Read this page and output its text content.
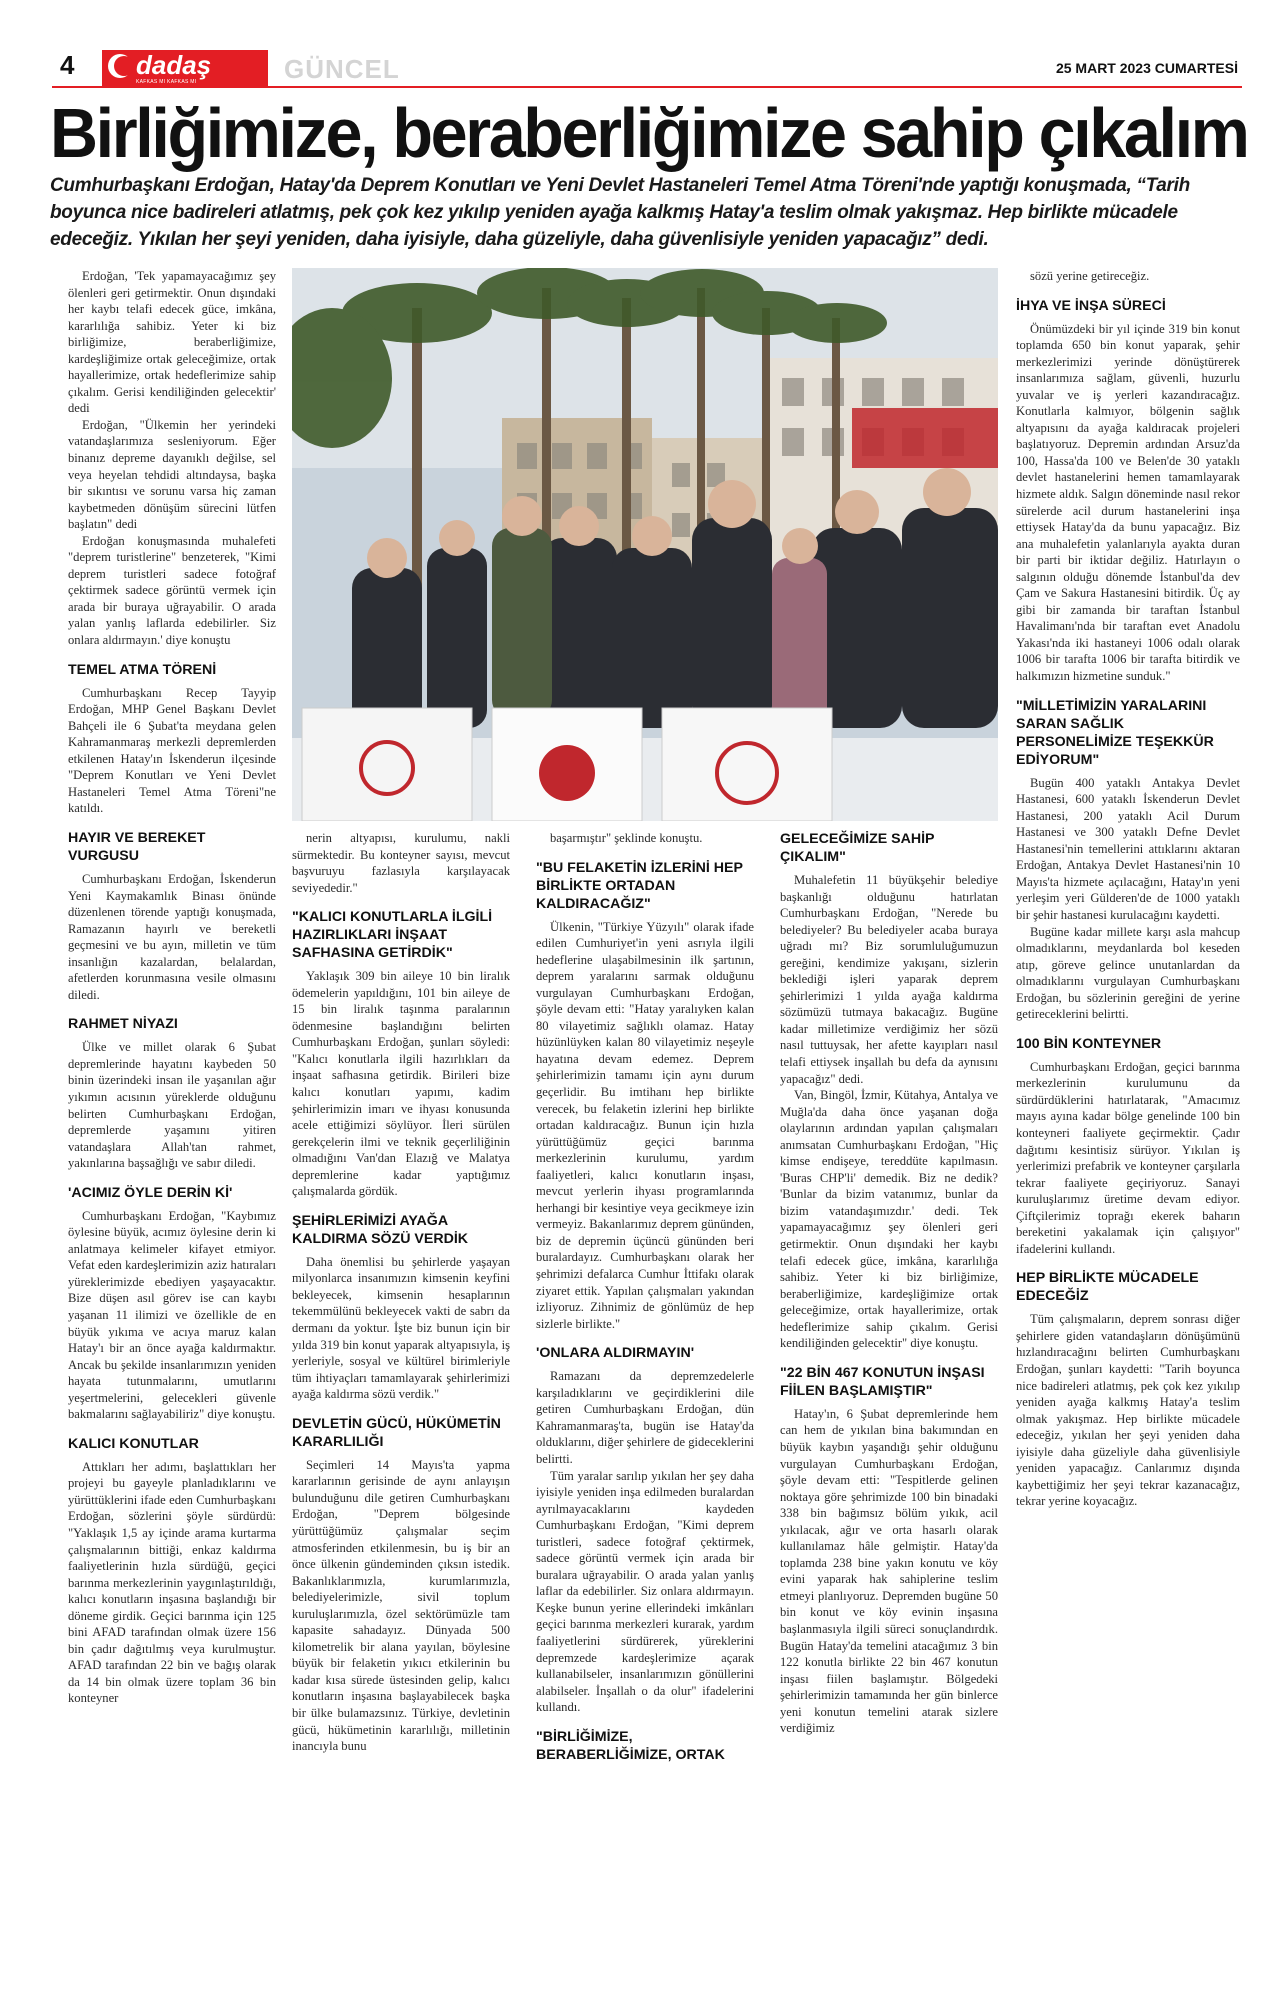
4	dadaş
KAFKAS MI KAFKAS MI	GÜNCEL	25 MART 2023 CUMARTESİ
Birliğimize, beraberliğimize sahip çıkalım

Cumhurbaşkanı Erdoğan, Hatay'da Deprem Konutları ve Yeni Devlet Hastaneleri Temel Atma Töreni'nde yaptığı konuşmada, “Tarih boyunca nice badireleri atlatmış, pek çok kez yıkılıp yeniden ayağa kalkmış Hatay'a teslim olmak yakışmaz. Hep birlikte mücadele edeceğiz. Yıkılan her şeyi yeniden, daha iyisiyle, daha güzeliyle, daha güvenlisiyle yeniden yapacağız” dedi.

Erdoğan, 'Tek yapamayacağımız şey ölenleri geri getirmektir. Onun dışındaki her kaybı telafi edecek güce, imkâna, kararlılığa sahibiz. Yeter ki biz birliğimize, beraberliğimize, kardeşliğimize ortak geleceğimize, ortak hayallerimize, ortak hedeflerimize sahip çıkalım. Gerisi kendiliğinden gelecektir' dedi

Erdoğan, "Ülkemin her yerindeki vatandaşlarımıza sesleniyorum. Eğer binanız depreme dayanıklı değilse, sel veya heyelan tehdidi altındaysa, başka bir sıkıntısı ve sorunu varsa hiç zaman kaybetmeden dönüşüm sürecini lütfen başlatın" dedi

Erdoğan konuşmasında muhalefeti "deprem turistlerine" benzeterek, "Kimi deprem turistleri sadece fotoğraf çektirmek sadece görüntü vermek için arada bir buraya uğrayabilir. O arada yalan yanlış laflarda edebilirler. Siz onlara aldırmayın.' diye konuştu

TEMEL ATMA TÖRENİ

Cumhurbaşkanı Recep Tayyip Erdoğan, MHP Genel Başkanı Devlet Bahçeli ile 6 Şubat'ta meydana gelen Kahramanmaraş merkezli depremlerden etkilenen Hatay'ın İskenderun ilçesinde "Deprem Konutları ve Yeni Devlet Hastaneleri Temel Atma Töreni"ne katıldı.

HAYIR VE BEREKET VURGUSU

Cumhurbaşkanı Erdoğan, İskenderun Yeni Kaymakamlık Binası önünde düzenlenen törende yaptığı konuşmada, Ramazanın hayırlı ve bereketli geçmesini ve bu ayın, milletin ve tüm insanlığın kazalardan, belalardan, afetlerden korunmasına vesile olmasını diledi.

RAHMET NİYAZI

Ülke ve millet olarak 6 Şubat depremlerinde hayatını kaybeden 50 binin üzerindeki insan ile yaşanılan ağır yıkımın acısının yüreklerde olduğunu belirten Cumhurbaşkanı Erdoğan, depremlerde yaşamını yitiren vatandaşlara Allah'tan rahmet, yakınlarına başsağlığı ve sabır diledi.

'ACIMIZ ÖYLE DERİN Kİ'

Cumhurbaşkanı Erdoğan, "Kaybımız öylesine büyük, acımız öylesine derin ki anlatmaya kelimeler kifayet etmiyor. Vefat eden kardeşlerimizin aziz hatıraları yüreklerimizde ebediyen yaşayacaktır. Bize düşen asıl görev ise can kaybı yaşanan 11 ilimizi ve özellikle de en büyük yıkıma ve acıya maruz kalan Hatay'ı bir an önce ayağa kaldırmaktır. Ancak bu şekilde insanlarımızın yeniden hayata tutunmalarını, umutlarını yeşertmelerini, gelecekleri güvenle bakmalarını sağlayabiliriz" diye konuştu.

KALICI KONUTLAR

Attıkları her adımı, başlattıkları her projeyi bu gayeyle planladıklarını ve yürüttüklerini ifade eden Cumhurbaşkanı Erdoğan, sözlerini şöyle sürdürdü: "Yaklaşık 1,5 ay içinde arama kurtarma çalışmalarının bittiği, enkaz kaldırma faaliyetlerinin hızla sürdüğü, geçici barınma merkezlerinin yaygınlaştırıldığı, kalıcı konutların inşasına başlandığı bir döneme girdik. Geçici barınma için 125 bini AFAD tarafından olmak üzere 156 bin çadır dağıtılmış veya kurulmuştur. AFAD tarafından 22 bin ve bağış olarak da 14 bin olmak üzere toplam 36 bin konteyner

nerin altyapısı, kurulumu, nakli sürmektedir. Bu konteyner sayısı, mevcut başvuruyu fazlasıyla karşılayacak seviyededir."

"KALICI KONUTLARLA İLGİLİ HAZIRLIKLARI İNŞAAT SAFHASINA GETİRDİK"

Yaklaşık 309 bin aileye 10 bin liralık ödemelerin yapıldığını, 101 bin aileye de 15 bin liralık taşınma paralarının ödenmesine başlandığını belirten Cumhurbaşkanı Erdoğan, şunları söyledi: "Kalıcı konutlarla ilgili hazırlıkları da inşaat safhasına getirdik. Birileri bize kalıcı konutları yapımı, kadim şehirlerimizin imarı ve ihyası konusunda acele ettiğimizi söylüyor. İleri sürülen gerekçelerin ilmi ve teknik geçerliliğinin olmadığını Van'dan Elazığ ve Malatya depremlerine kadar yaptığımız çalışmalarda gördük.

ŞEHİRLERİMİZİ AYAĞA KALDIRMA SÖZÜ VERDİK

Daha önemlisi bu şehirlerde yaşayan milyonlarca insanımızın kimsenin keyfini bekleyecek, kimsenin hesaplarının tekemmülünü bekleyecek vakti de sabrı da dermanı da yoktur. İşte biz bunun için bir yılda 319 bin konut yaparak altyapısıyla, iş yerleriyle, sosyal ve kültürel birimleriyle tüm ihtiyaçları tamamlayarak şehirlerimizi ayağa kaldırma sözü verdik."

DEVLETİN GÜCÜ, HÜKÜMETİN KARARLILIĞI

Seçimleri 14 Mayıs'ta yapma kararlarının gerisinde de aynı anlayışın bulunduğunu dile getiren Cumhurbaşkanı Erdoğan, "Deprem bölgesinde yürüttüğümüz çalışmalar seçim atmosferinden etkilenmesin, bu iş bir an önce ülkenin gündeminden çıksın istedik. Bakanlıklarımızla, kurumlarımızla, belediyelerimizle, sivil toplum kuruluşlarımızla, özel sektörümüzle tam kapasite sahadayız. Dünyada 500 kilometrelik bir alana yayılan, böylesine büyük bir felaketin yıkıcı etkilerinin bu kadar kısa sürede üstesinden gelip, kalıcı konutların inşasına başlayabilecek başka bir ülke bulamazsınız. Türkiye, devletinin gücü, hükümetinin kararlılığı, milletinin inancıyla bunu

başarmıştır" şeklinde konuştu.

"BU FELAKETİN İZLERİNİ HEP BİRLİKTE ORTADAN KALDIRACAĞIZ"

Ülkenin, "Türkiye Yüzyılı" olarak ifade edilen Cumhuriyet'in yeni asrıyla ilgili hedeflerine ulaşabilmesinin ilk şartının, deprem yaralarını sarmak olduğunu vurgulayan Cumhurbaşkanı Erdoğan, şöyle devam etti: "Hatay yaralıyken kalan 80 vilayetimiz sağlıklı olamaz. Hatay hüzünlüyken kalan 80 vilayetimiz neşeyle hayatına devam edemez. Deprem şehirlerimizin tamamı için aynı durum geçerlidir. Bu imtihanı hep birlikte verecek, bu felaketin izlerini hep birlikte ortadan kaldıracağız. Bunun için hızla yürüttüğümüz geçici barınma merkezlerinin kurulumu, yardım faaliyetleri, kalıcı konutların inşası, mevcut yerlerin ihyası programlarında herhangi bir kesintiye veya gecikmeye izin vermeyiz. Bakanlarımız deprem gününden, biz de depremin üçüncü gününden beri buralardayız. Cumhurbaşkanı olarak her şehrimizi defalarca Cumhur İttifakı olarak ziyaret ettik. Yapılan çalışmaları yakından izliyoruz. Zihnimiz de gönlümüz de hep sizlerle birlikte."

'ONLARA ALDIRMAYIN'

Ramazanı da depremzedelerle karşıladıklarını ve geçirdiklerini dile getiren Cumhurbaşkanı Erdoğan, dün Kahramanmaraş'ta, bugün ise Hatay'da olduklarını, diğer şehirlere de gideceklerini belirtti.

Tüm yaralar sarılıp yıkılan her şey daha iyisiyle yeniden inşa edilmeden buralardan ayrılmayacaklarını kaydeden Cumhurbaşkanı Erdoğan, "Kimi deprem turistleri, sadece fotoğraf çektirmek, sadece görüntü vermek için arada bir buralara uğrayabilir. O arada yalan yanlış laflar da edebilirler. Siz onlara aldırmayın. Keşke bunun yerine ellerindeki imkânları geçici barınma merkezleri kurarak, yardım faaliyetlerini sürdürerek, yüreklerini depremzede kardeşlerimize açarak kullanabilseler, insanlarımızın gönüllerini alabilseler. İnşallah o da olur" ifadelerini kullandı.

"BİRLİĞİMİZE, BERABERLİĞİMİZE, ORTAK

GELECEĞİMİZE SAHİP ÇIKALIM"

Muhalefetin 11 büyükşehir belediye başkanlığı olduğunu hatırlatan Cumhurbaşkanı Erdoğan, "Nerede bu belediyeler? Bu belediyeler acaba buraya uğradı mı? Biz sorumluluğumuzun gereğini, kendimize yakışanı, sizlerin beklediği işleri yaparak deprem şehirlerimizi 1 yılda ayağa kaldırma sözümüzü tutmaya bakacağız. Bugüne kadar milletimize verdiğimiz her sözü nasıl tuttuysak, her afette kayıpları nasıl telafi ettiysek inşallah bu defa da aynısını yapacağız" dedi.

Van, Bingöl, İzmir, Kütahya, Antalya ve Muğla'da daha önce yaşanan doğa olaylarının ardından yapılan çalışmaları anımsatan Cumhurbaşkanı Erdoğan, "Hiç kimse endişeye, tereddüte kapılmasın. 'Buras CHP'li' demedik. Biz ne dedik? 'Bunlar da bizim vatanımız, bunlar da bizim vatandaşımızdır.' dedi. Tek yapamayacağımız şey ölenleri geri getirmektir. Onun dışındaki her kaybı telafi edecek güce, imkâna, kararlılığa sahibiz. Yeter ki biz birliğimize, beraberliğimize, kardeşliğimize ortak geleceğimize, ortak hayallerimize, ortak hedeflerimize sahip çıkalım. Gerisi kendiliğinden gelecektir" diye konuştu.

"22 BİN 467 KONUTUN İNŞASI FİİLEN BAŞLAMIŞTIR"

Hatay'ın, 6 Şubat depremlerinde hem can hem de yıkılan bina bakımından en büyük kaybın yaşandığı şehir olduğunu vurgulayan Cumhurbaşkanı Erdoğan, şöyle devam etti: "Tespitlerde gelinen noktaya göre şehrimizde 100 bin binadaki 338 bin bağımsız bölüm yıkık, acil yıkılacak, ağır ve orta hasarlı olarak kullanılamaz hâle gelmiştir. Hatay'da toplamda 238 bine yakın konutu ve köy evini yaparak hak sahiplerine teslim etmeyi planlıyoruz. Depremden bugüne 50 bin konut ve köy evinin inşasına başlanmasıyla ilgili süreci sonuçlandırdık. Bugün Hatay'da temelini atacağımız 3 bin 122 konutla birlikte 22 bin 467 konutun inşası fiilen başlamıştır. Bölgedeki şehirlerimizin tamamında her gün binlerce yeni konutun temelini atarak sizlere verdiğimiz

sözü yerine getireceğiz.

İHYA VE İNŞA SÜRECİ

Önümüzdeki bir yıl içinde 319 bin konut toplamda 650 bin konut yaparak, şehir merkezlerimizi yerinde dönüştürerek insanlarımıza sağlam, güvenli, huzurlu yuvalar ve iş yerleri kazandıracağız. Konutlarla kalmıyor, bölgenin sağlık altyapısını da ayağa kaldıracak projeleri başlatıyoruz. Depremin ardından Arsuz'da 100, Hassa'da 100 ve Belen'de 30 yataklı devlet hastanelerini hemen tamamlayarak hizmete aldık. Salgın döneminde nasıl rekor sürelerde acil durum hastanelerini inşa ettiysek Hatay'da da bunu yapacağız. Biz ana muhalefetin yalanlarıyla ayakta duran bir parti bir iktidar değiliz. Hatırlayın o salgının olduğu dönemde İstanbul'da dev Çam ve Sakura Hastanesini bitirdik. Üç ay gibi bir zamanda bir taraftan İstanbul Havalimanı'nda bir taraftan evet Anadolu Yakası'nda iki hastaneyi 1006 odalı olarak 1006 bir tarafta 1006 bir tarafta bitirdik ve halkımızın hizmetine sunduk."

"MİLLETİMİZİN YARALARINI SARAN SAĞLIK PERSONELİMİZE TEŞEKKÜR EDİYORUM"

Bugün 400 yataklı Antakya Devlet Hastanesi, 600 yataklı İskenderun Devlet Hastanesi, 200 yataklı Acil Durum Hastanesi ve 300 yataklı Defne Devlet Hastanesi'nin temellerini attıklarını aktaran Erdoğan, Antakya Devlet Hastanesi'nin 10 Mayıs'ta hizmete açılacağını, Hatay'ın yeni yerleşim yeri Gülderen'de de 1000 yataklı bir şehir hastanesi kurulacağını kaydetti.

Bugüne kadar millete karşı asla mahcup olmadıklarını, meydanlarda bol keseden atıp, göreve gelince unutanlardan da olmadıklarını vurgulayan Cumhurbaşkanı Erdoğan, bu sözlerinin gereğini de yerine getireceklerini belirtti.

100 BİN KONTEYNER

Cumhurbaşkanı Erdoğan, geçici barınma merkezlerinin kurulumunu da sürdürdüklerini hatırlatarak, "Amacımız mayıs ayına kadar bölge genelinde 100 bin konteyneri faaliyete geçirmektir. Çadır dağıtımı kesintisiz sürüyor. Yıkılan iş yerlerimizi prefabrik ve konteyner çarşılarla tekrar faaliyete geçiriyoruz. Sanayi kuruluşlarımız üretime devam ediyor. Çiftçilerimiz toprağı ekerek baharın bereketini yakalamak için çalışıyor" ifadelerini kullandı.

HEP BİRLİKTE MÜCADELE EDECEĞİZ

Tüm çalışmaların, deprem sonrası diğer şehirlere giden vatandaşların dönüşümünü hızlandıracağını belirten Cumhurbaşkanı Erdoğan, şunları kaydetti: "Tarih boyunca nice badireleri atlatmış, pek çok kez yıkılıp yeniden ayağa kalkmış Hatay'a teslim olmak yakışmaz. Hep birlikte mücadele edeceğiz, yıkılan her şeyi yeniden daha iyisiyle daha güzeliyle daha güvenlisiyle yeniden yapacağız. Canlarımız dışında kaybettiğimiz her şeyi tekrar kazanacağız, tekrar yerine koyacağız.
